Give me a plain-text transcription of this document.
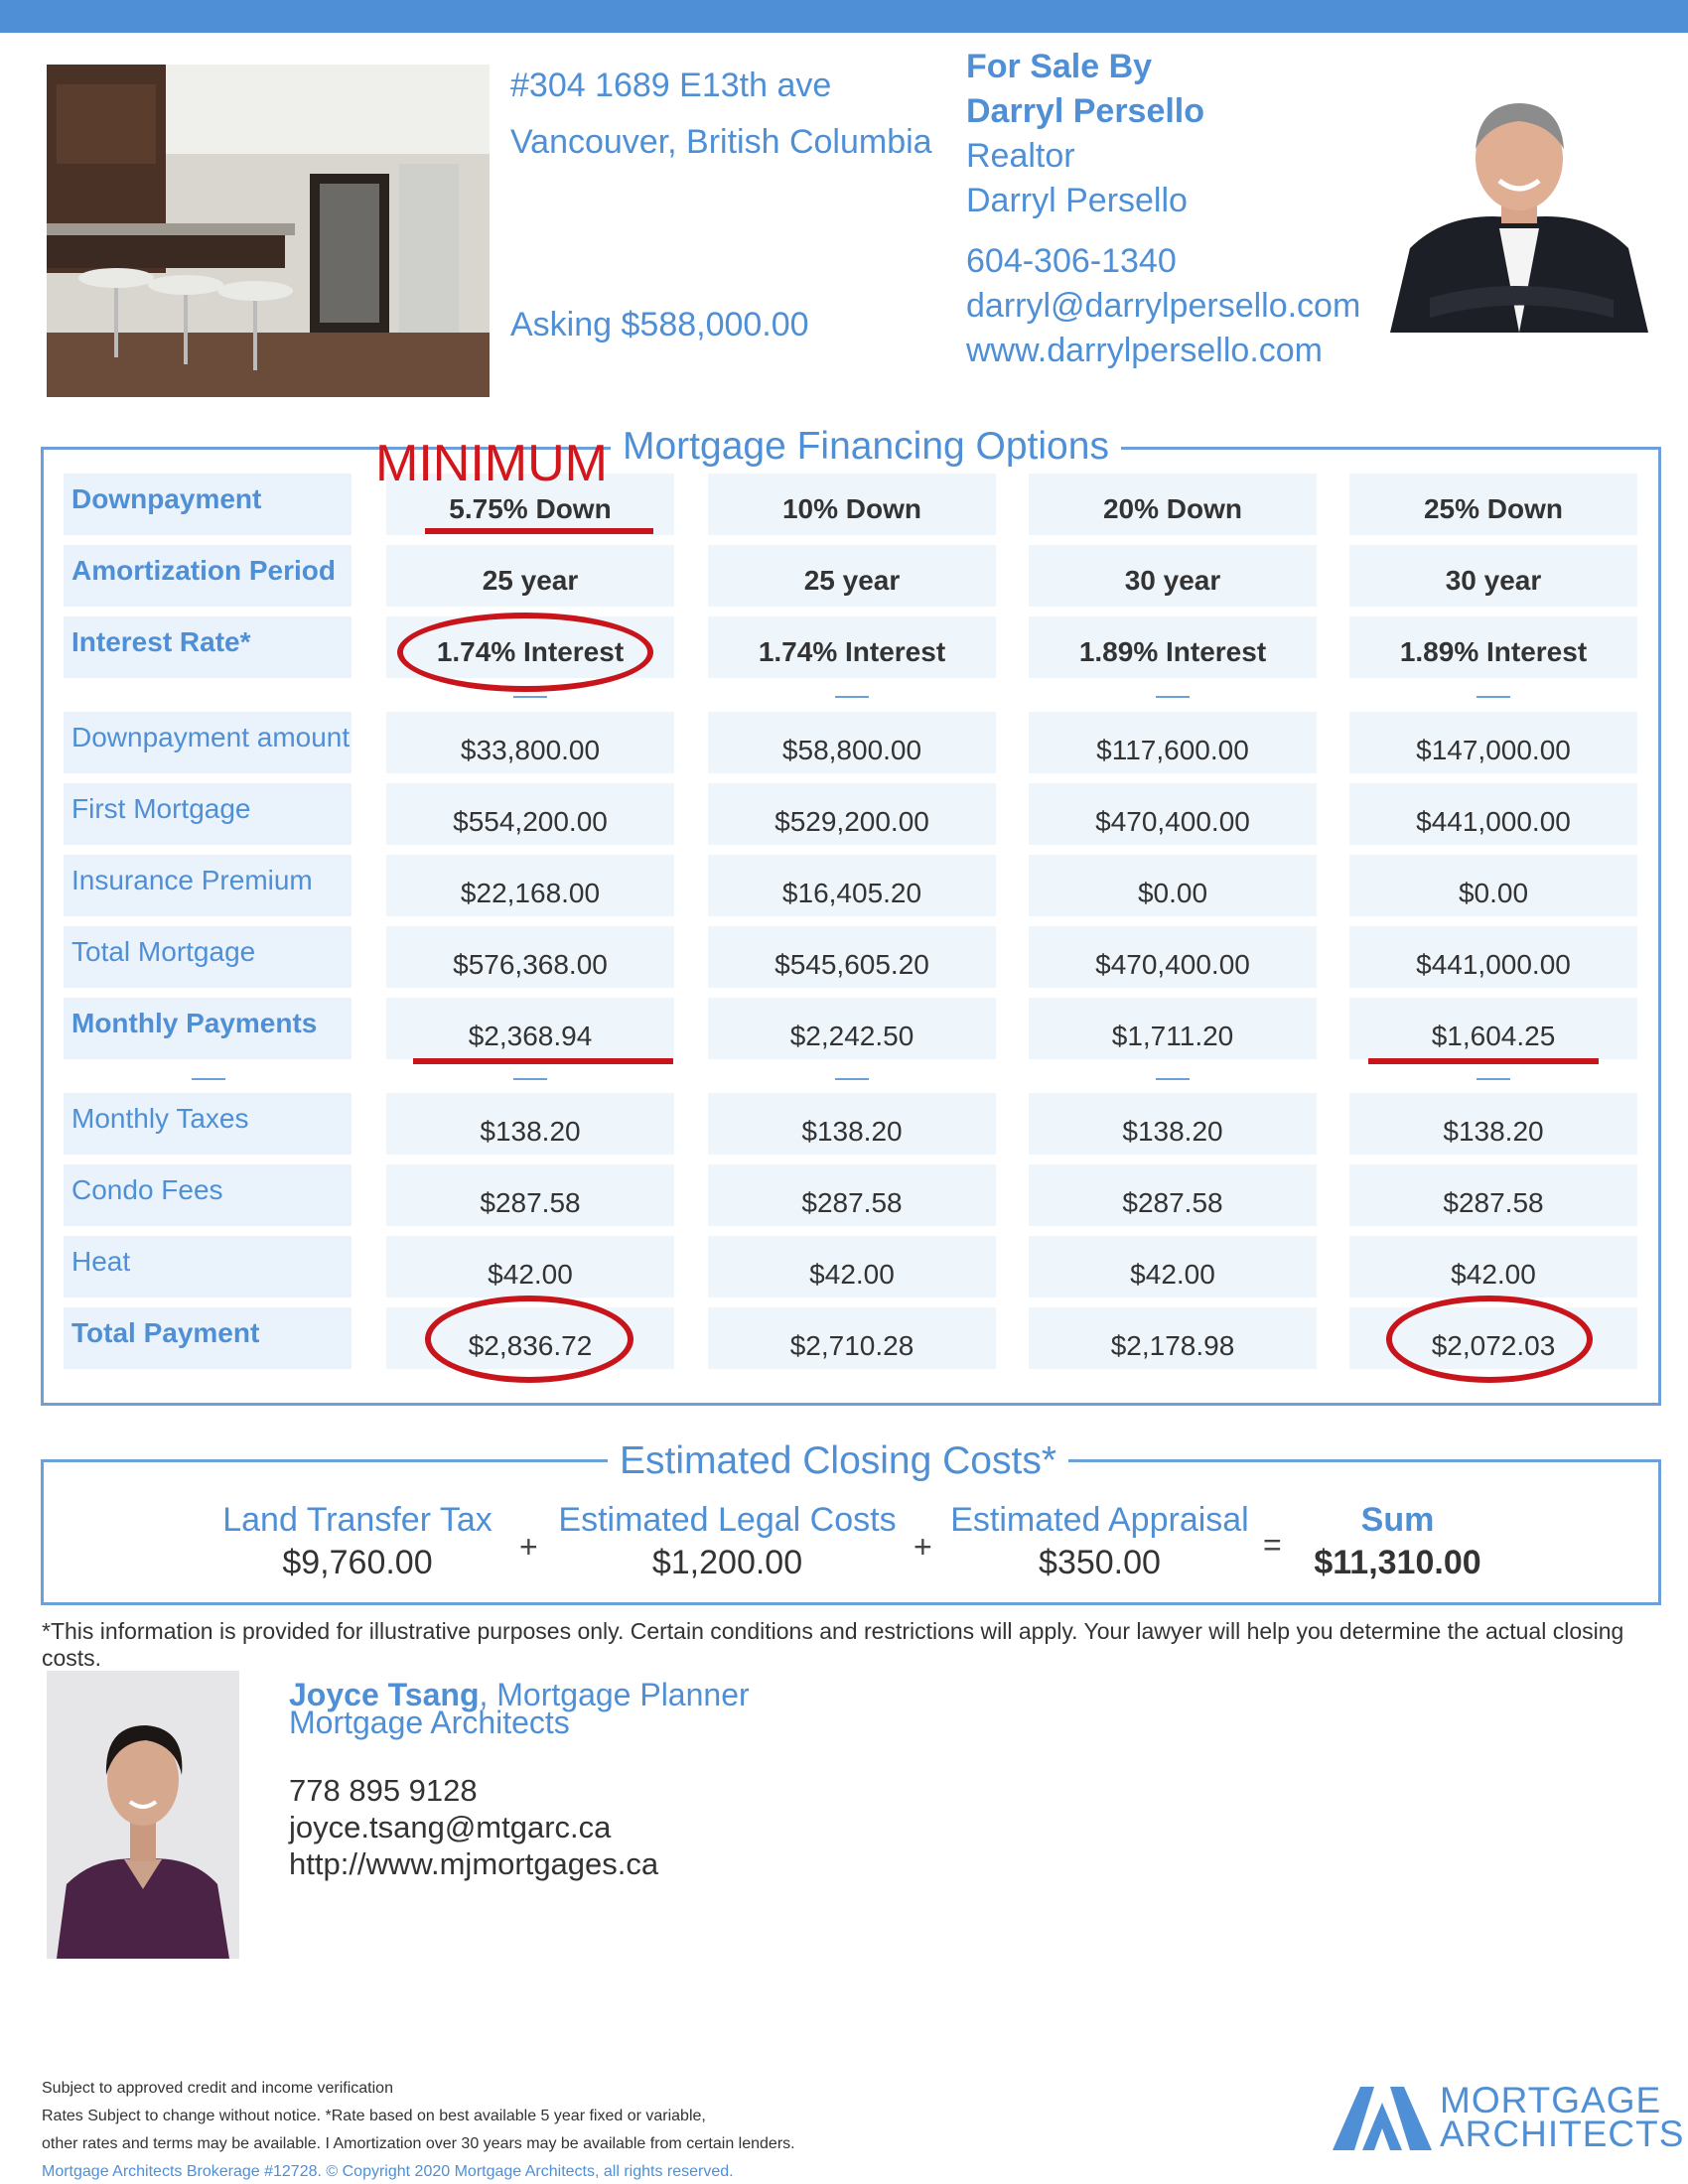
#304 1689 E13th ave
Vancouver, British Columbia
Asking $588,000.00
For Sale By
Darryl Persello
Realtor
Darryl Persello
604-306-1340
darryl@darrylpersello.com
www.darrylpersello.com
Mortgage Financing Options
Downpayment	5.75% Down	10% Down	20% Down	25% Down
Amortization Period	25 year	25 year	30 year	30 year
Interest Rate*	1.74% Interest	1.74% Interest	1.89% Interest	1.89% Interest
Downpayment amount	$33,800.00	$58,800.00	$117,600.00	$147,000.00
First Mortgage	$554,200.00	$529,200.00	$470,400.00	$441,000.00
Insurance Premium	$22,168.00	$16,405.20	$0.00	$0.00
Total Mortgage	$576,368.00	$545,605.20	$470,400.00	$441,000.00
Monthly Payments	$2,368.94	$2,242.50	$1,711.20	$1,604.25
Monthly Taxes	$138.20	$138.20	$138.20	$138.20
Condo Fees	$287.58	$287.58	$287.58	$287.58
Heat	$42.00	$42.00	$42.00	$42.00
Total Payment	$2,836.72	$2,710.28	$2,178.98	$2,072.03
MINIMUM
Estimated Closing Costs*
Land Transfer Tax
$9,760.00	+
Estimated Legal Costs
$1,200.00	+
Estimated Appraisal
$350.00	=
Sum
$11,310.00
*This information is provided for illustrative purposes only. Certain conditions and restrictions will apply. Your lawyer will help you determine the actual closing costs.
Joyce Tsang, Mortgage Planner
Mortgage Architects
778 895 9128
joyce.tsang@mtgarc.ca
http://www.mjmortgages.ca
Subject to approved credit and income verification
Rates Subject to change without notice. *Rate based on best available 5 year fixed or variable,
other rates and terms may be available. I Amortization over 30 years may be available from certain lenders.
Mortgage Architects Brokerage #12728. © Copyright 2020 Mortgage Architects, all rights reserved.
MORTGAGE
ARCHITECTS
